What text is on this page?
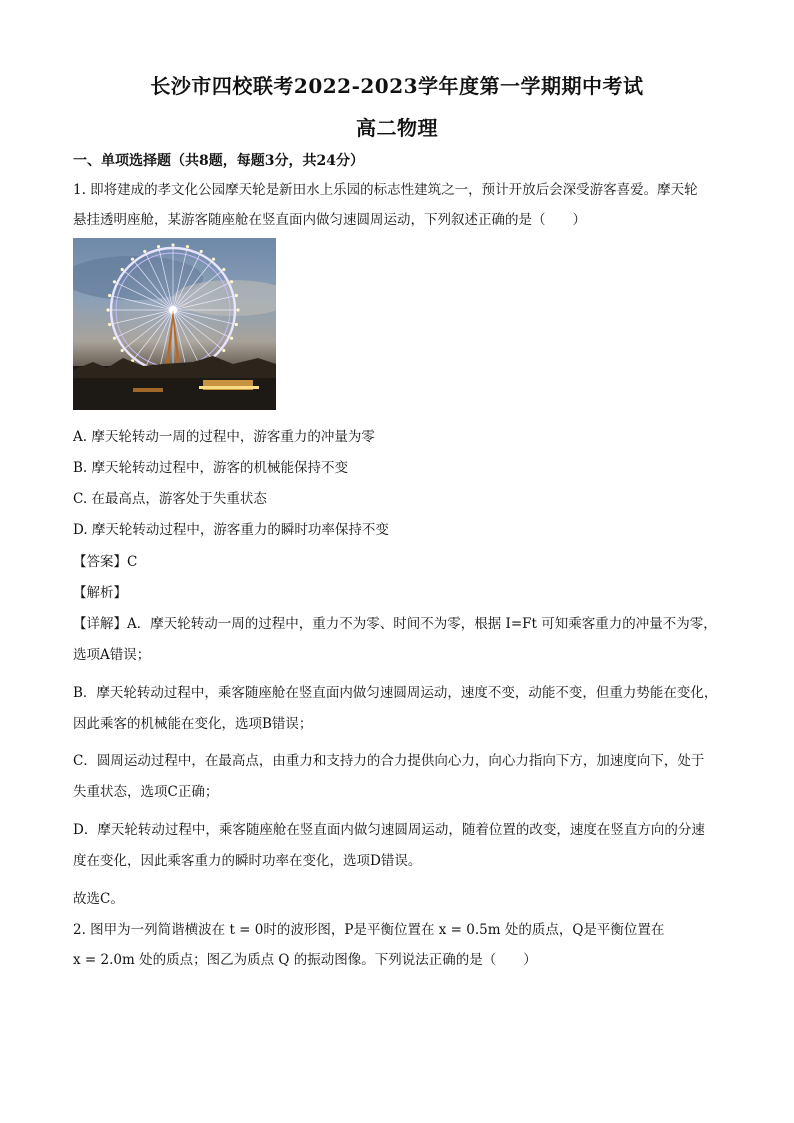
长沙市四校联考2022-2023学年度第一学期期中考试
高二物理
一、单项选择题（共8题，每题3分，共24分）
1. 即将建成的孝文化公园摩天轮是新田水上乐园的标志性建筑之一，预计开放后会深受游客喜爱。摩天轮
悬挂透明座舱，某游客随座舱在竖直面内做匀速圆周运动，下列叙述正确的是（　　）
A. 摩天轮转动一周的过程中，游客重力的冲量为零
B. 摩天轮转动过程中，游客的机械能保持不变
C. 在最高点，游客处于失重状态
D. 摩天轮转动过程中，游客重力的瞬时功率保持不变
【答案】C
【解析】
【详解】A．摩天轮转动一周的过程中，重力不为零、时间不为零，根据 I=Ft 可知乘客重力的冲量不为零，
选项A错误；
B．摩天轮转动过程中，乘客随座舱在竖直面内做匀速圆周运动，速度不变，动能不变，但重力势能在变化，
因此乘客的机械能在变化，选项B错误；
C．圆周运动过程中，在最高点，由重力和支持力的合力提供向心力，向心力指向下方，加速度向下，处于
失重状态，选项C正确；
D．摩天轮转动过程中，乘客随座舱在竖直面内做匀速圆周运动，随着位置的改变，速度在竖直方向的分速
度在变化，因此乘客重力的瞬时功率在变化，选项D错误。
故选C。
2. 图甲为一列简谐横波在 t = 0时的波形图，P是平衡位置在 x = 0.5m 处的质点，Q是平衡位置在
x = 2.0m 处的质点；图乙为质点 Q 的振动图像。下列说法正确的是（　　）
